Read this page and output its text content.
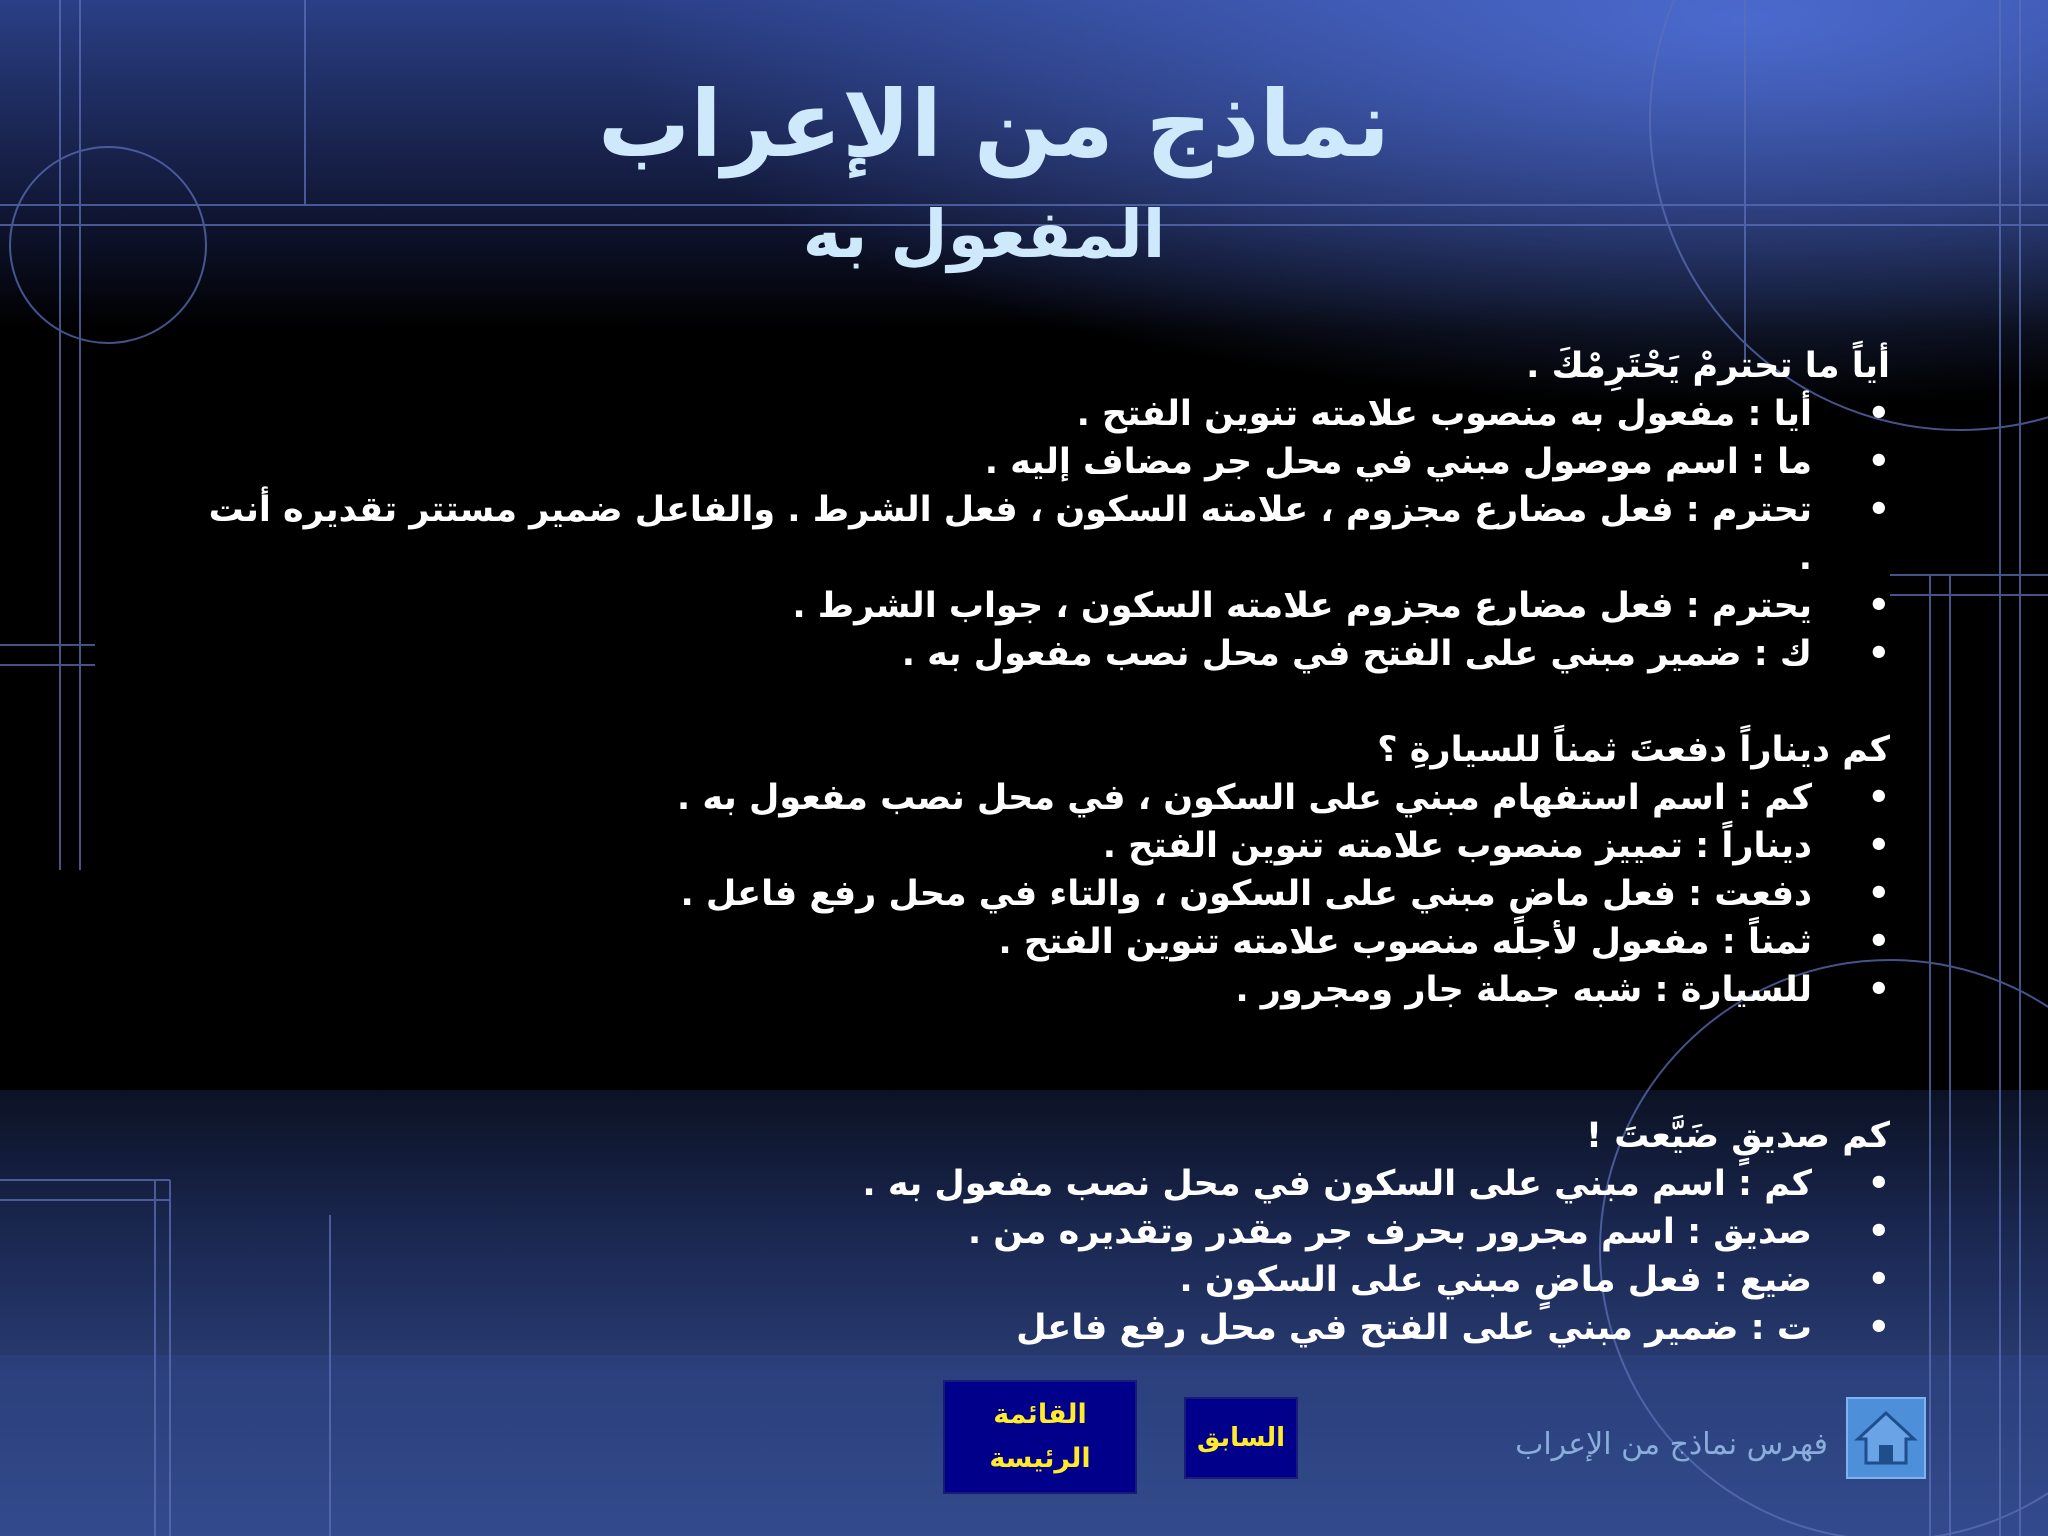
نماذج من الإعراب
المفعول به

أياً ما تحترمْ يَحْتَرِمْكَ .

• أيا : مفعول به منصوب علامته تنوين الفتح .
• ما : اسم موصول مبني في محل جر مضاف إليه .
• تحترم : فعل مضارع مجزوم ، علامته السكون ، فعل الشرط . والفاعل ضمير مستتر تقديره أنت .
• يحترم : فعل مضارع مجزوم علامته السكون ، جواب الشرط .
• ك : ضمير مبني على الفتح في محل نصب مفعول به .

كم ديناراً دفعتَ ثمناً للسيارةِ ؟

• كم : اسم استفهام مبني على السكون ، في محل نصب مفعول به .
• ديناراً : تمييز منصوب علامته تنوين الفتح .
• دفعت : فعل ماضٍ مبني على السكون ، والتاء في محل رفع فاعل .
• ثمناً : مفعول لأجله منصوب علامته تنوين الفتح .
• للسيارة : شبه جملة جار ومجرور .

كم صديقٍ ضَيَّعتَ !

• كم : اسم مبني على السكون في محل نصب مفعول به .
• صديق : اسم مجرور بحرف جر مقدر وتقديره من .
• ضيع : فعل ماضٍ مبني على السكون .
• ت : ضمير مبني على الفتح في محل رفع فاعل
القائمة
الرئيسة
السابق	فهرس نماذج من الإعراب
